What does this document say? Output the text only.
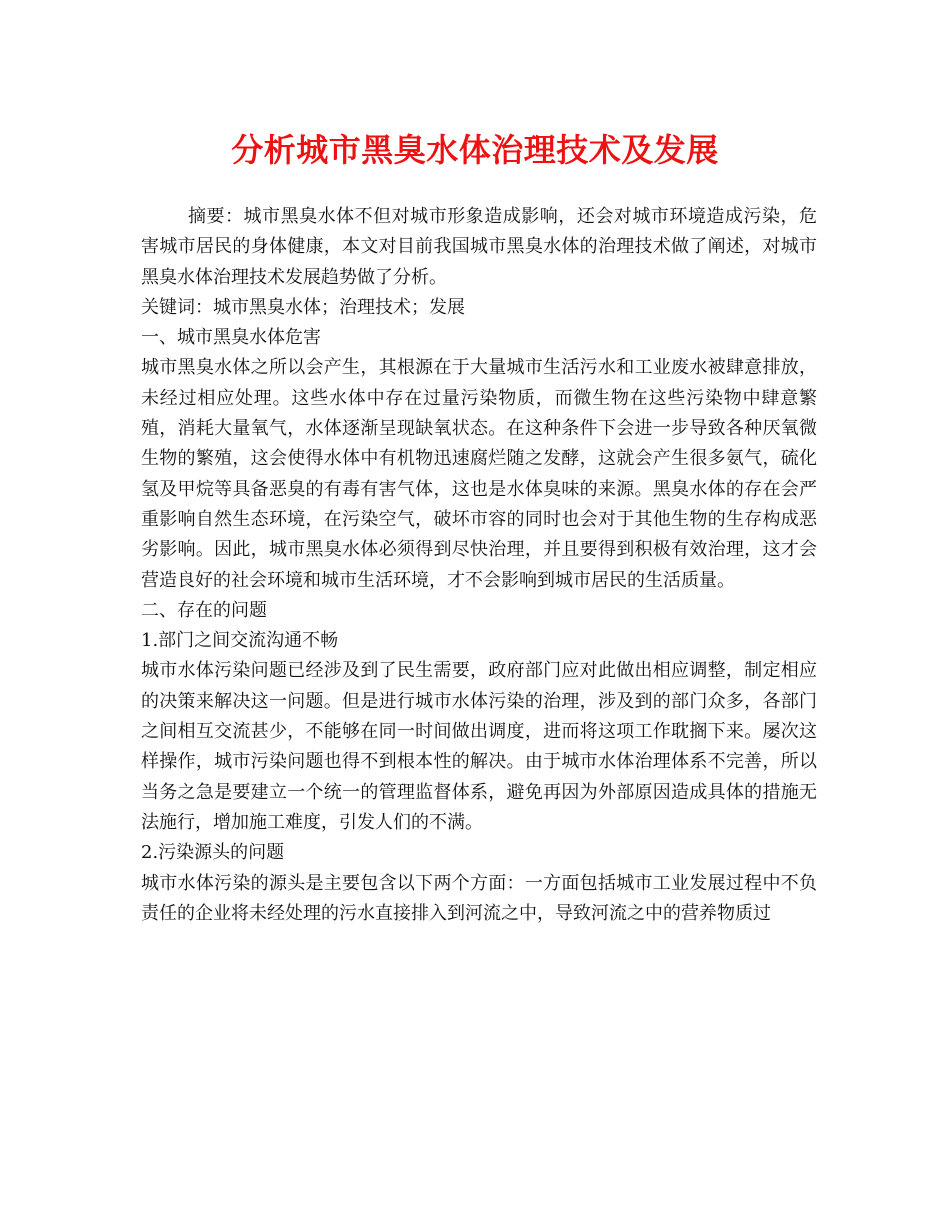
分析城市黑臭水体治理技术及发展

摘要：城市黑臭水体不但对城市形象造成影响，还会对城市环境造成污染，危害城市居民的身体健康，本文对目前我国城市黑臭水体的治理技术做了阐述，对城市黑臭水体治理技术发展趋势做了分析。

关键词：城市黑臭水体；治理技术；发展

一、城市黑臭水体危害

城市黑臭水体之所以会产生，其根源在于大量城市生活污水和工业废水被肆意排放，未经过相应处理。这些水体中存在过量污染物质，而微生物在这些污染物中肆意繁殖，消耗大量氧气，水体逐渐呈现缺氧状态。在这种条件下会进一步导致各种厌氧微生物的繁殖，这会使得水体中有机物迅速腐烂随之发酵，这就会产生很多氨气，硫化氢及甲烷等具备恶臭的有毒有害气体，这也是水体臭味的来源。黑臭水体的存在会严重影响自然生态环境，在污染空气，破坏市容的同时也会对于其他生物的生存构成恶劣影响。因此，城市黑臭水体必须得到尽快治理，并且要得到积极有效治理，这才会营造良好的社会环境和城市生活环境，才不会影响到城市居民的生活质量。

二、存在的问题

1.部门之间交流沟通不畅

城市水体污染问题已经涉及到了民生需要，政府部门应对此做出相应调整，制定相应的决策来解决这一问题。但是进行城市水体污染的治理，涉及到的部门众多，各部门之间相互交流甚少，不能够在同一时间做出调度，进而将这项工作耽搁下来。屡次这样操作，城市污染问题也得不到根本性的解决。由于城市水体治理体系不完善，所以当务之急是要建立一个统一的管理监督体系，避免再因为外部原因造成具体的措施无法施行，增加施工难度，引发人们的不满。

2.污染源头的问题

城市水体污染的源头是主要包含以下两个方面：一方面包括城市工业发展过程中不负责任的企业将未经处理的污水直接排入到河流之中，导致河流之中的营养物质过
